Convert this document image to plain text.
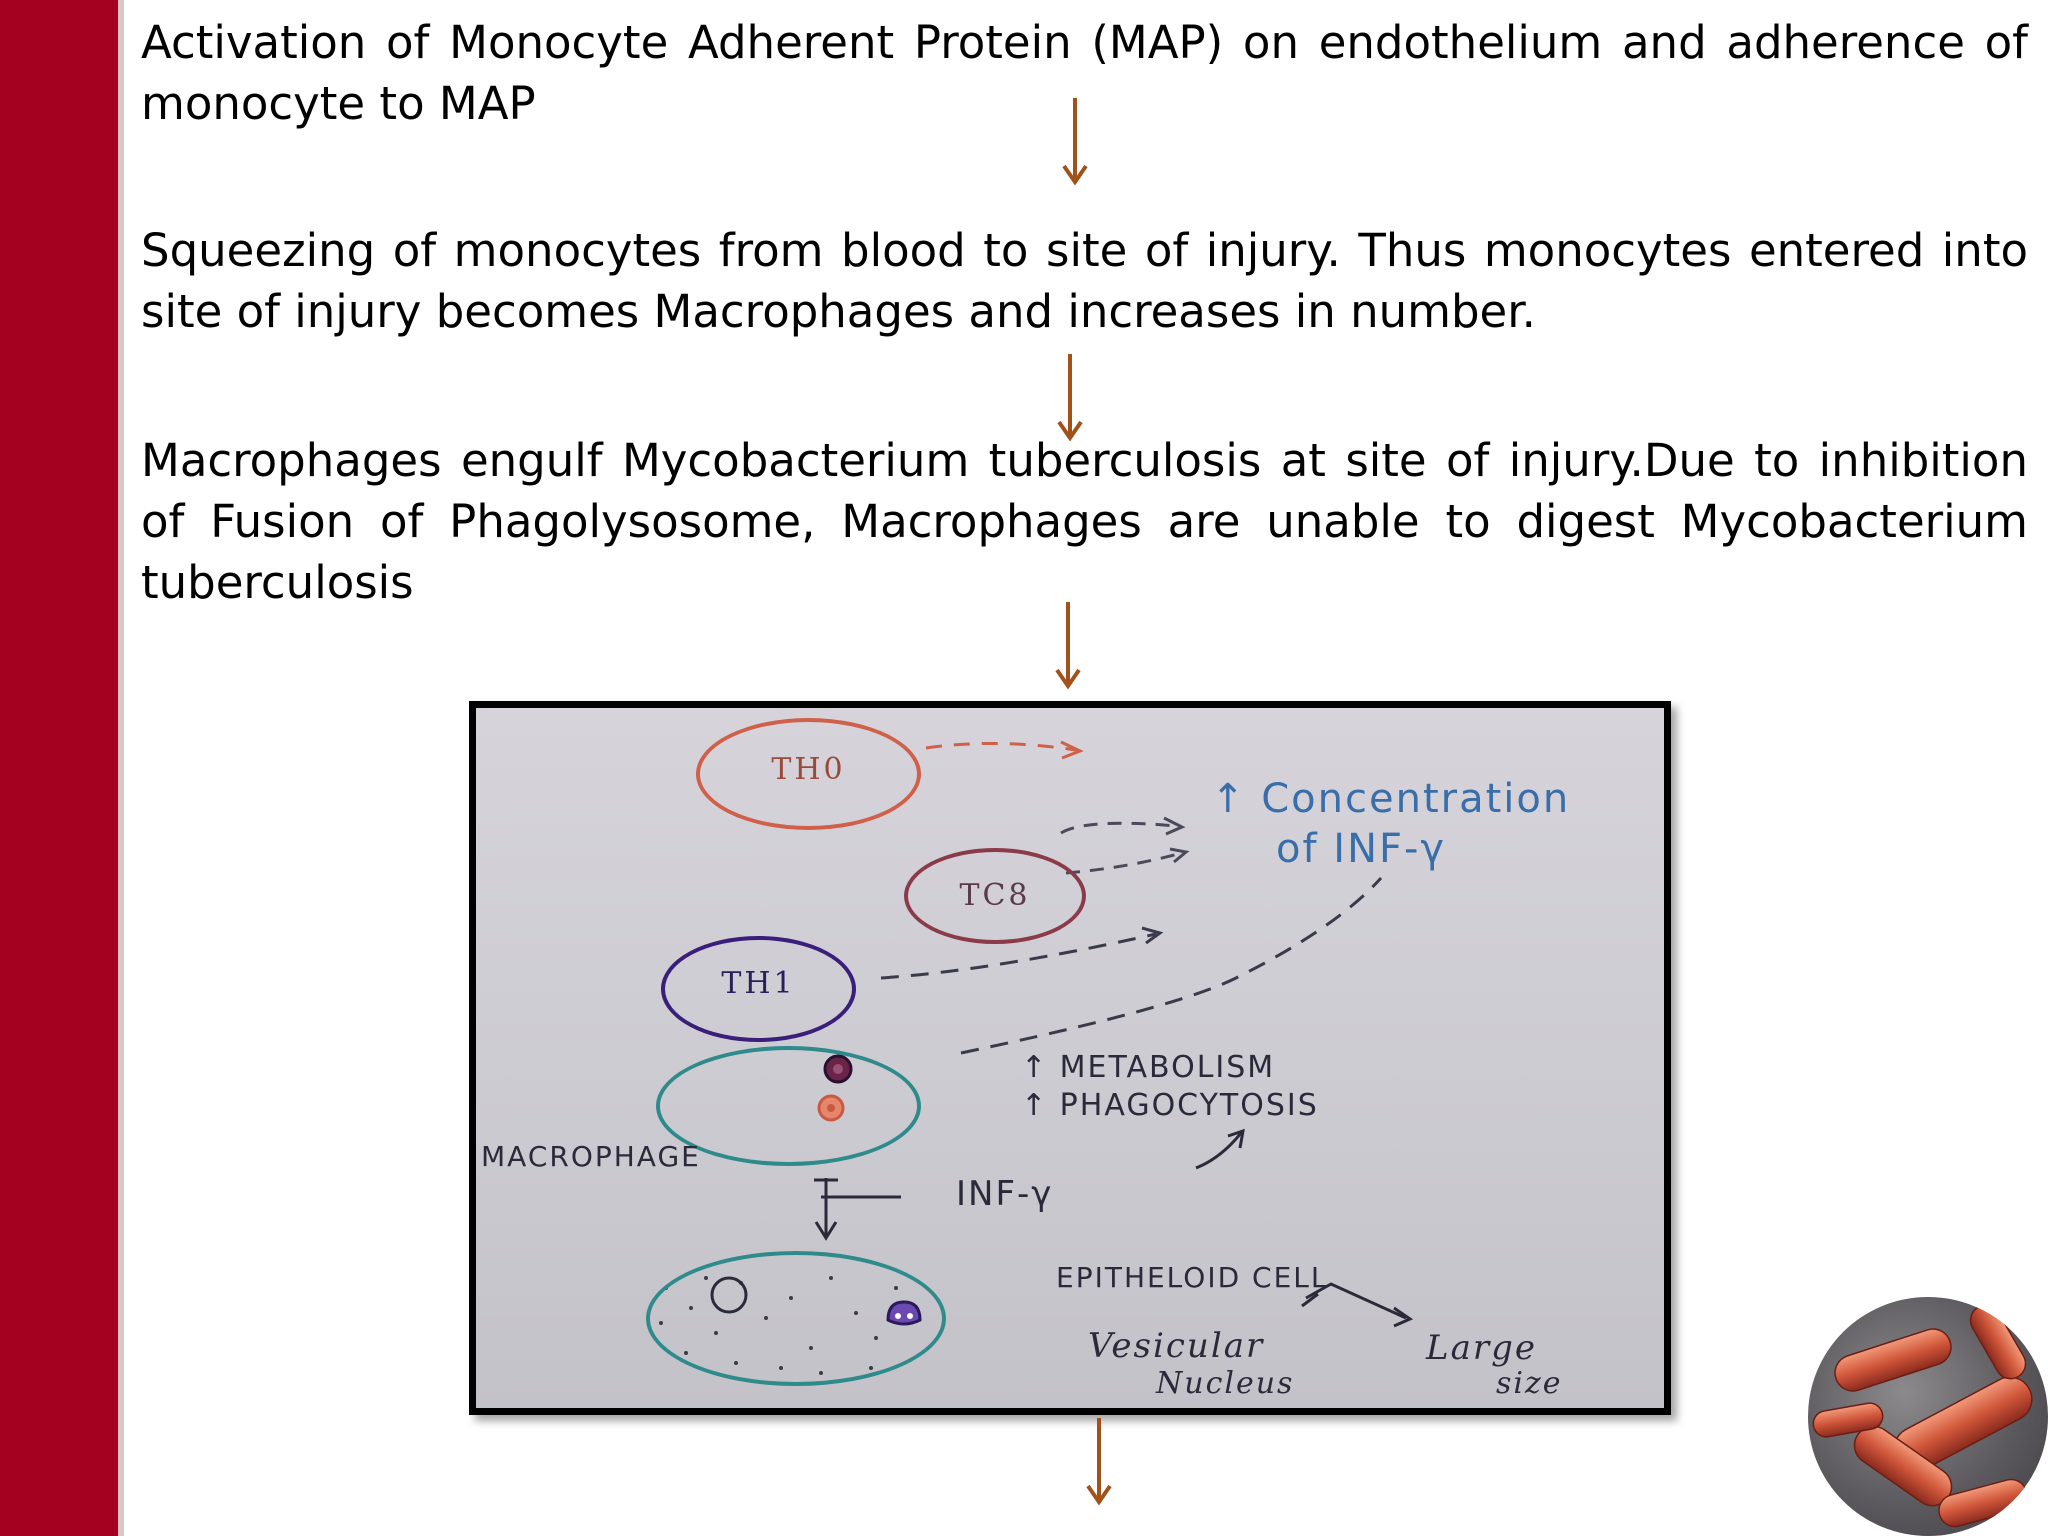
Activation of Monocyte Adherent Protein (MAP) on endothelium and adherence of monocyte to MAP

Squeezing of monocytes from blood to site of injury. Thus monocytes entered into site of injury becomes Macrophages and increases in number.

Macrophages engulf Mycobacterium tuberculosis at site of injury.Due to inhibition of Fusion of Phagolysosome, Macrophages are unable to digest Mycobacterium tuberculosis

TH0
TC8
TH1
↑ Concentration
of INF-γ
↑ METABOLISM
↑ PHAGOCYTOSIS
MACROPHAGE
INF-γ
EPITHELOID CELL
Vesicular
Nucleus
Large
size
